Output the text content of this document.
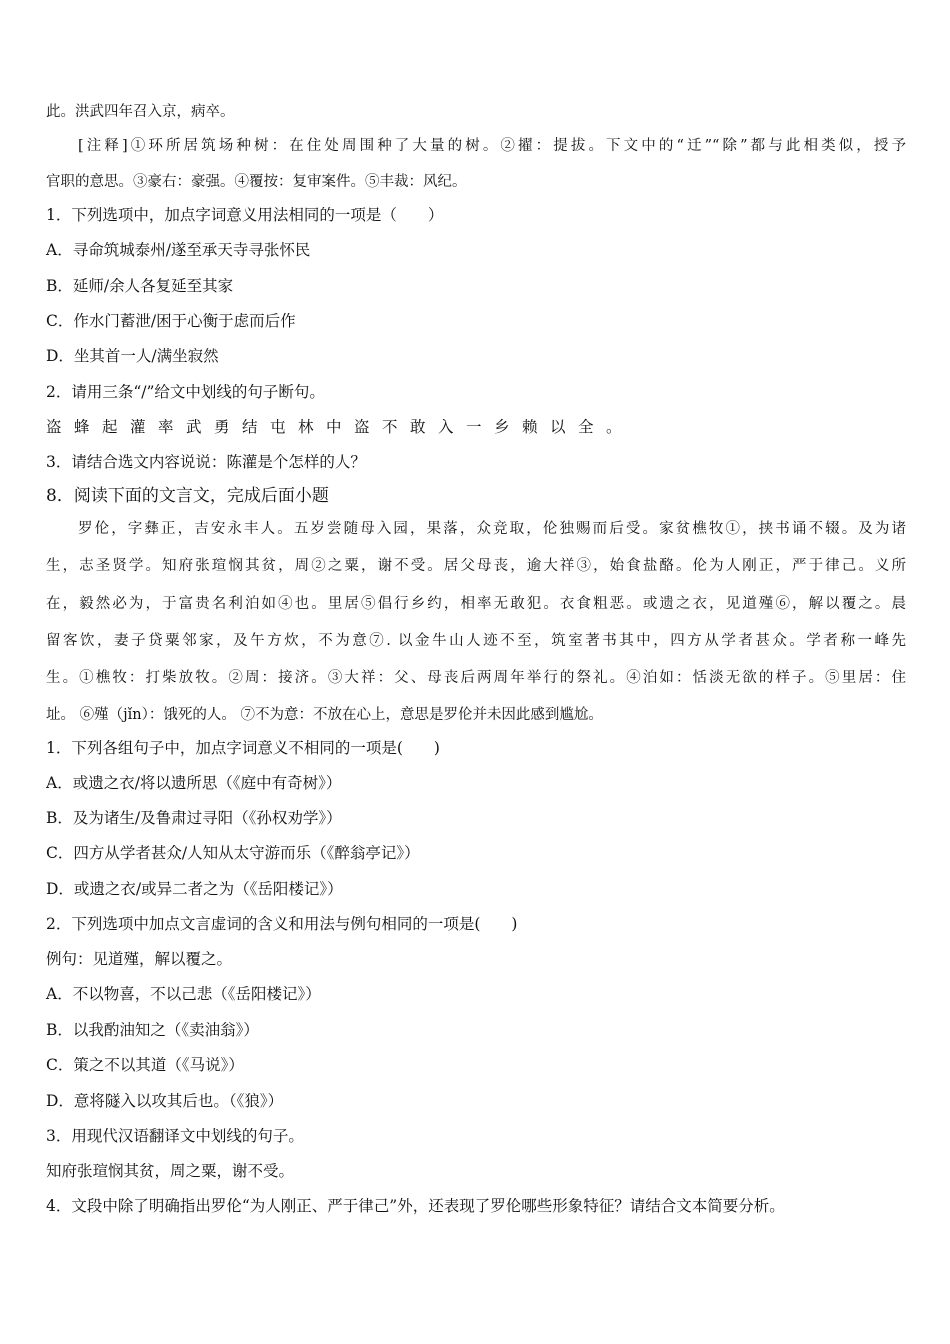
此。洪武四年召入京，病卒。
[注释]①环所居筑场种树：在住处周围种了大量的树。②擢：提拔。下文中的“迁”“除”都与此相类似，授予
官职的意思。③豪右：豪强。④覆按：复审案件。⑤丰裁：风纪。
1．下列选项中，加点字词意义用法相同的一项是（　　）
A．寻命筑城泰州/遂至承天寺寻张怀民
B．延师/余人各复延至其家
C．作水门蓄泄/困于心衡于虑而后作
D．坐其首一人/满坐寂然
2．请用三条“/”给文中划线的句子断句。
盗蜂起灌率武勇结屯林中盗不敢入一乡赖以全。
3．请结合选文内容说说：陈灌是个怎样的人？
8．阅读下面的文言文，完成后面小题
罗伦，字彝正，吉安永丰人。五岁尝随母入园，果落，众竞取，伦独赐而后受。家贫樵牧①，挟书诵不辍。及为诸
生，志圣贤学。知府张瑄悯其贫，周②之粟，谢不受。居父母丧，逾大祥③，始食盐酪。伦为人刚正，严于律己。义所
在，毅然必为，于富贵名利泊如④也。里居⑤倡行乡约，相率无敢犯。衣食粗恶。或遗之衣，见道殣⑥，解以覆之。晨
留客饮，妻子贷粟邻家，及午方炊，不为意⑦. 以金牛山人迹不至，筑室著书其中，四方从学者甚众。学者称一峰先
生。①樵牧：打柴放牧。②周：接济。③大祥：父、母丧后两周年举行的祭礼。④泊如：恬淡无欲的样子。⑤里居：住
址。 ⑥殣（jǐn）：饿死的人。 ⑦不为意：不放在心上，意思是罗伦并未因此感到尴尬。
1．下列各组句子中，加点字词意义不相同的一项是(　　)
A．或遗之衣/将以遗所思（《庭中有奇树》）
B．及为诸生/及鲁肃过寻阳（《孙权劝学》）
C．四方从学者甚众/人知从太守游而乐（《醉翁亭记》）
D．或遗之衣/或异二者之为（《岳阳楼记》）
2．下列选项中加点文言虚词的含义和用法与例句相同的一项是(　　)
例句：见道殣，解以覆之。
A．不以物喜，不以己悲（《岳阳楼记》）
B．以我酌油知之（《卖油翁》）
C．策之不以其道（《马说》）
D．意将隧入以攻其后也。（《狼》）
3．用现代汉语翻译文中划线的句子。
知府张瑄悯其贫，周之粟，谢不受。
4．文段中除了明确指出罗伦“为人刚正、严于律己”外，还表现了罗伦哪些形象特征？请结合文本简要分析。
